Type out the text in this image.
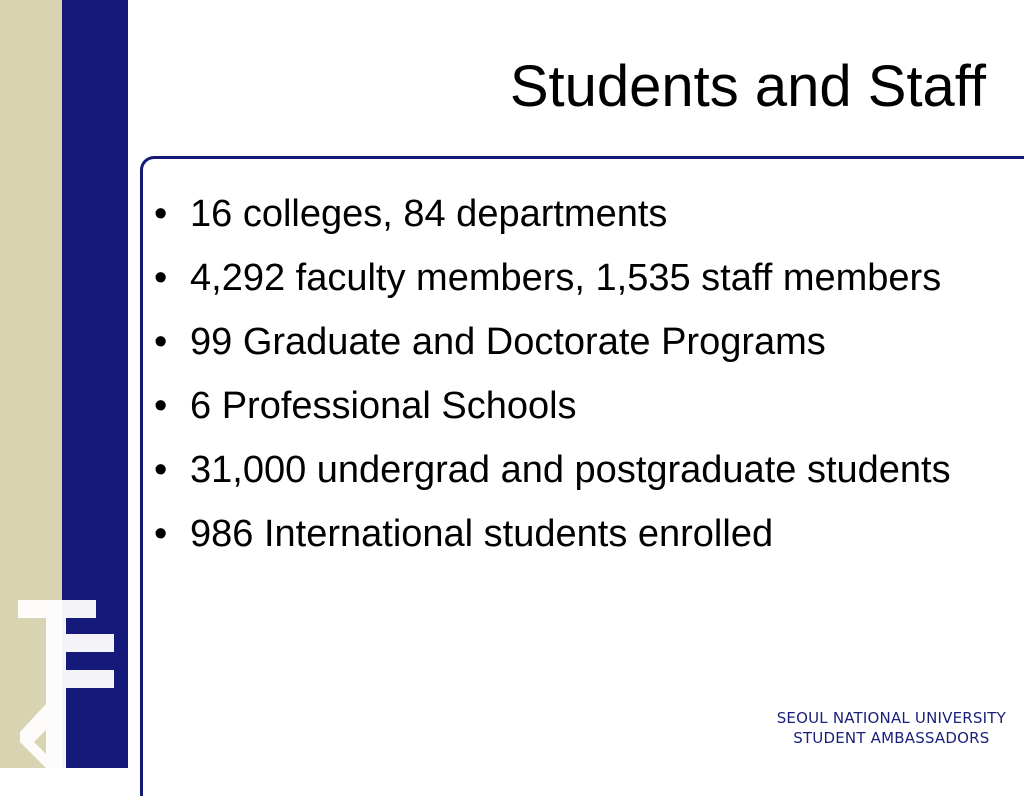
Students and Staff
• 16 colleges, 84 departments
• 4,292 faculty members, 1,535 staff members
• 99 Graduate and Doctorate Programs
• 6 Professional Schools
• 31,000 undergrad and postgraduate students
• 986 International students enrolled
SEOUL NATIONAL UNIVERSITY
STUDENT AMBASSADORS
